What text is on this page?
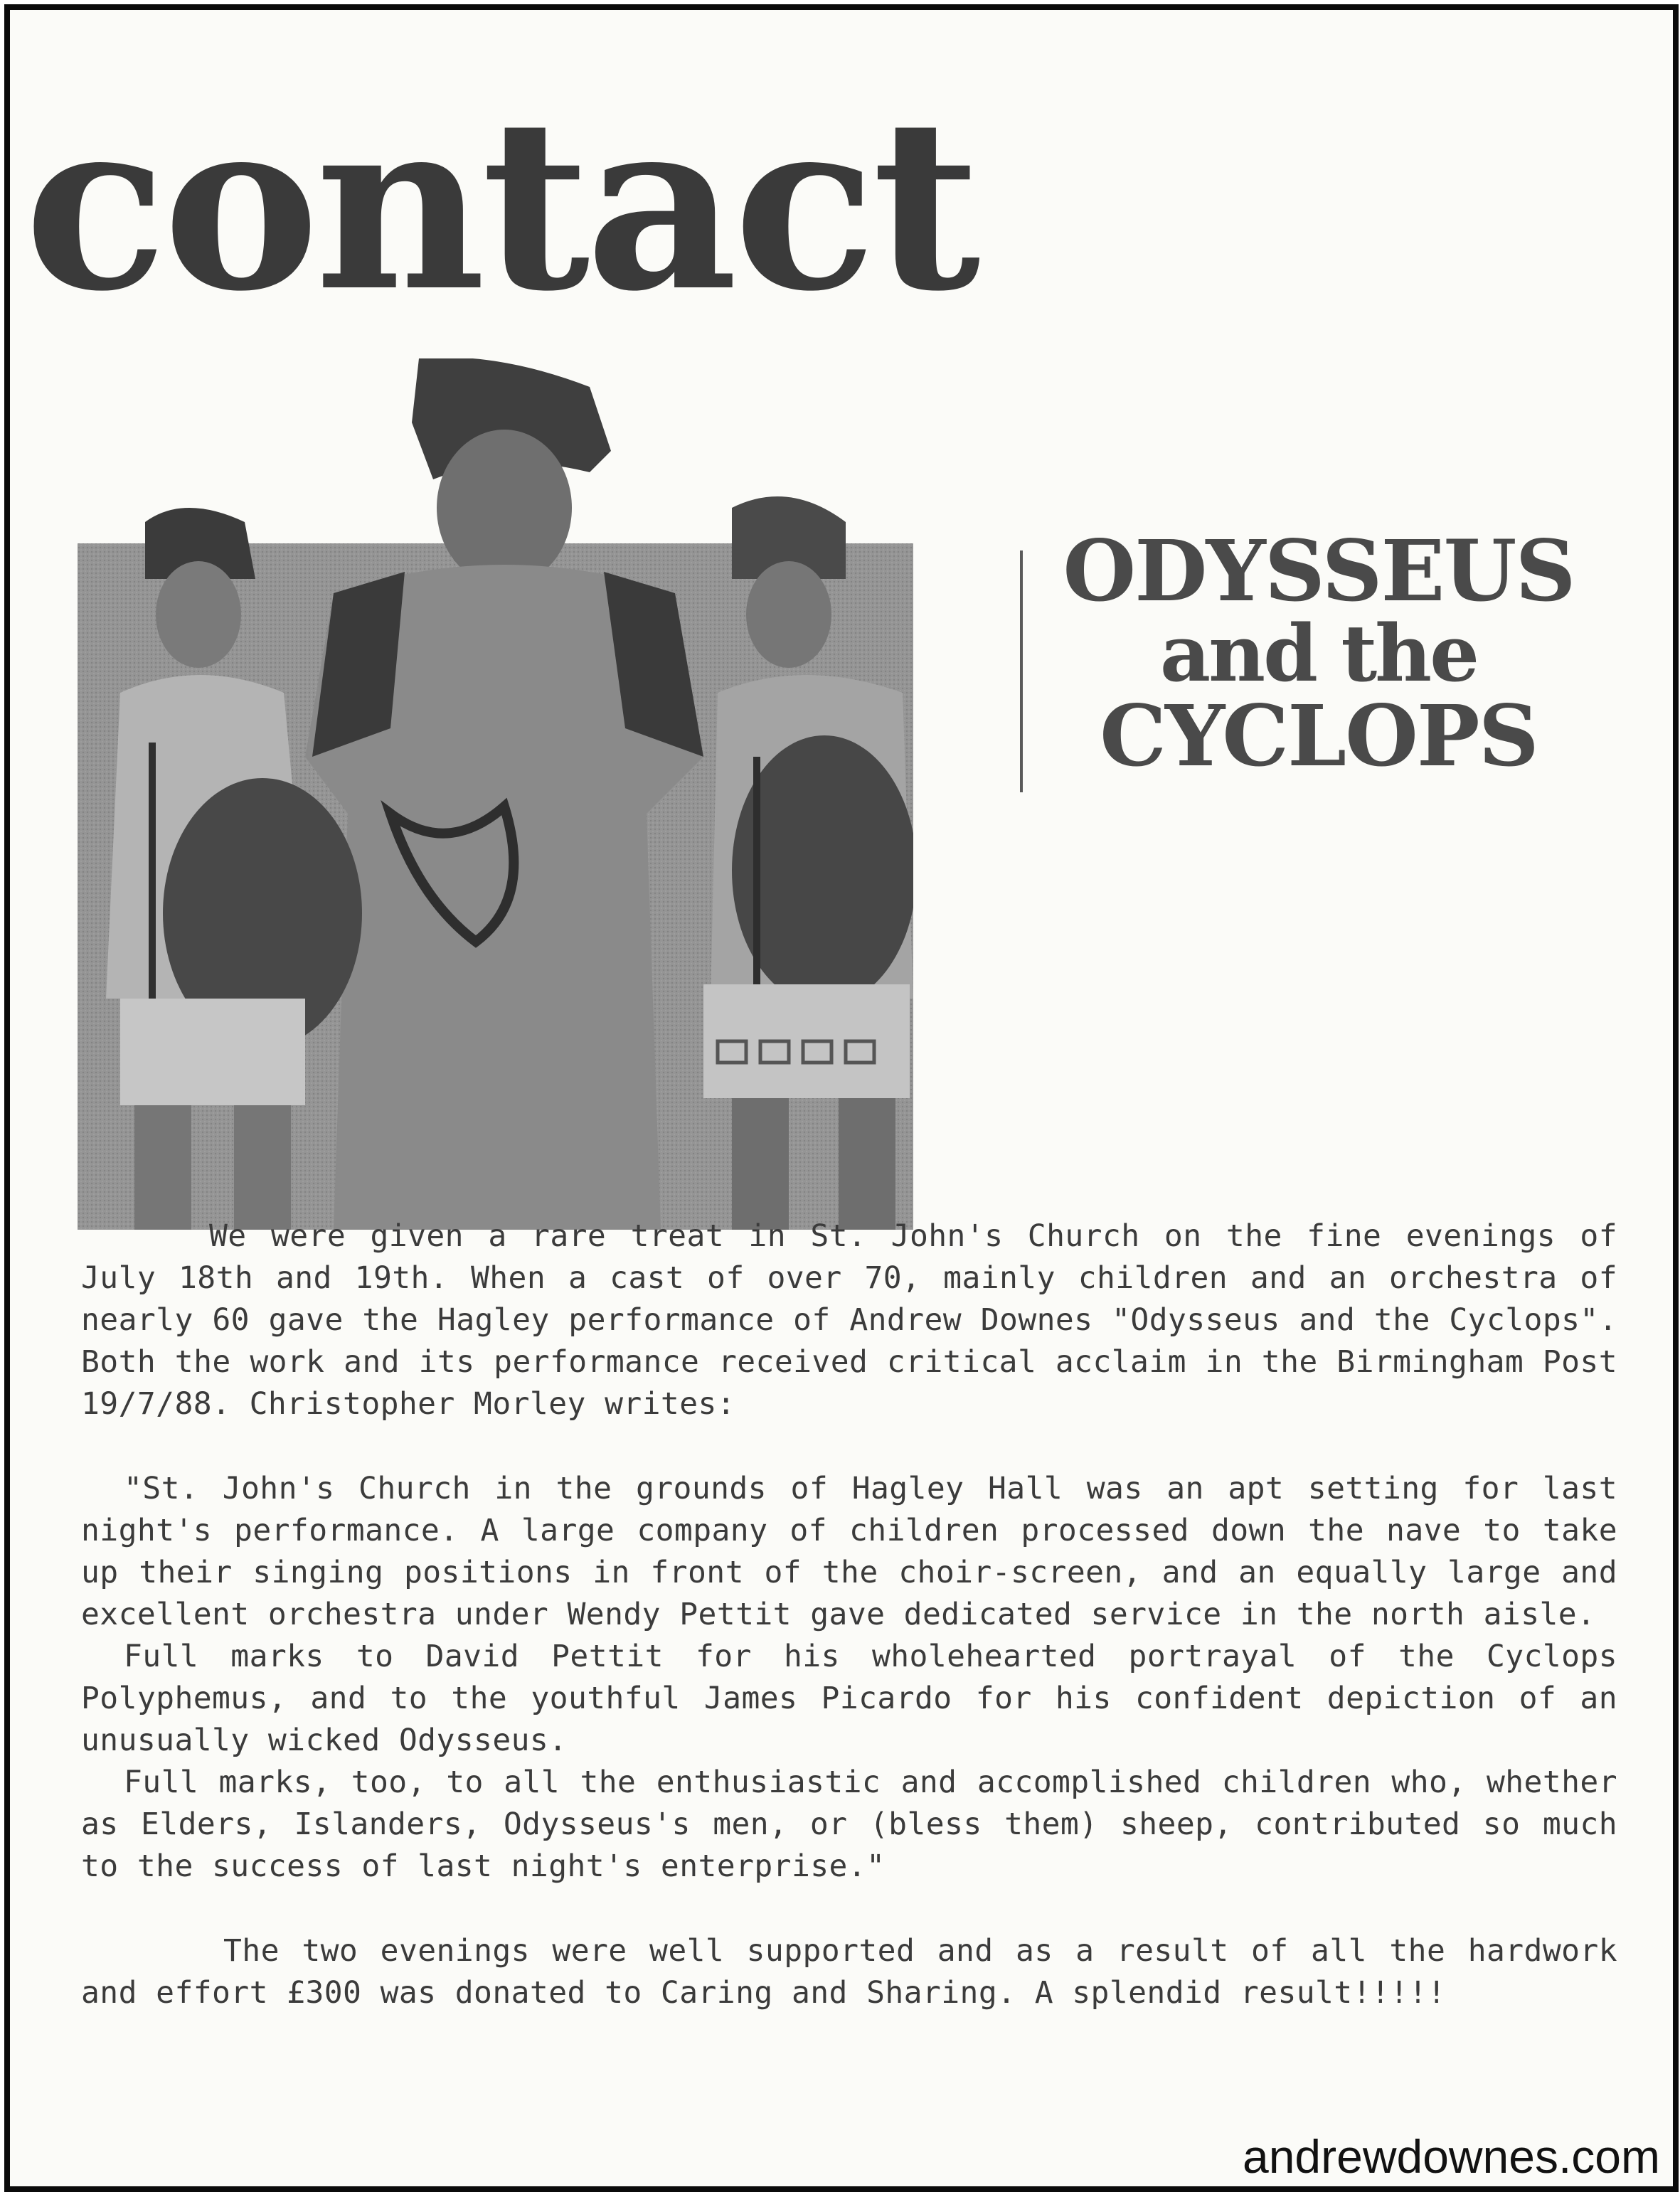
contact
ODYSSEUS
and the
CYCLOPS

We were given a rare treat in St. John's Church on the fine evenings of July 18th and 19th. When a cast of over 70, mainly children and an orchestra of nearly 60 gave the Hagley performance of Andrew Downes "Odysseus and the Cyclops". Both the work and its performance received critical acclaim in the Birmingham Post 19/7/88. Christopher Morley writes:

"St. John's Church in the grounds of Hagley Hall was an apt setting for last night's performance. A large company of children processed down the nave to take up their singing positions in front of the choir-screen, and an equally large and excellent orchestra under Wendy Pettit gave dedicated service in the north aisle.

Full marks to David Pettit for his wholehearted portrayal of the Cyclops Polyphemus, and to the youthful James Picardo for his confident depiction of an unusually wicked Odysseus.

Full marks, too, to all the enthusiastic and accomplished children who, whether as Elders, Islanders, Odysseus's men, or (bless them) sheep, contributed so much to the success of last night's enterprise."

The two evenings were well supported and as a result of all the hardwork and effort £300 was donated to Caring and Sharing. A splendid result!!!!!

andrewdownes.com
